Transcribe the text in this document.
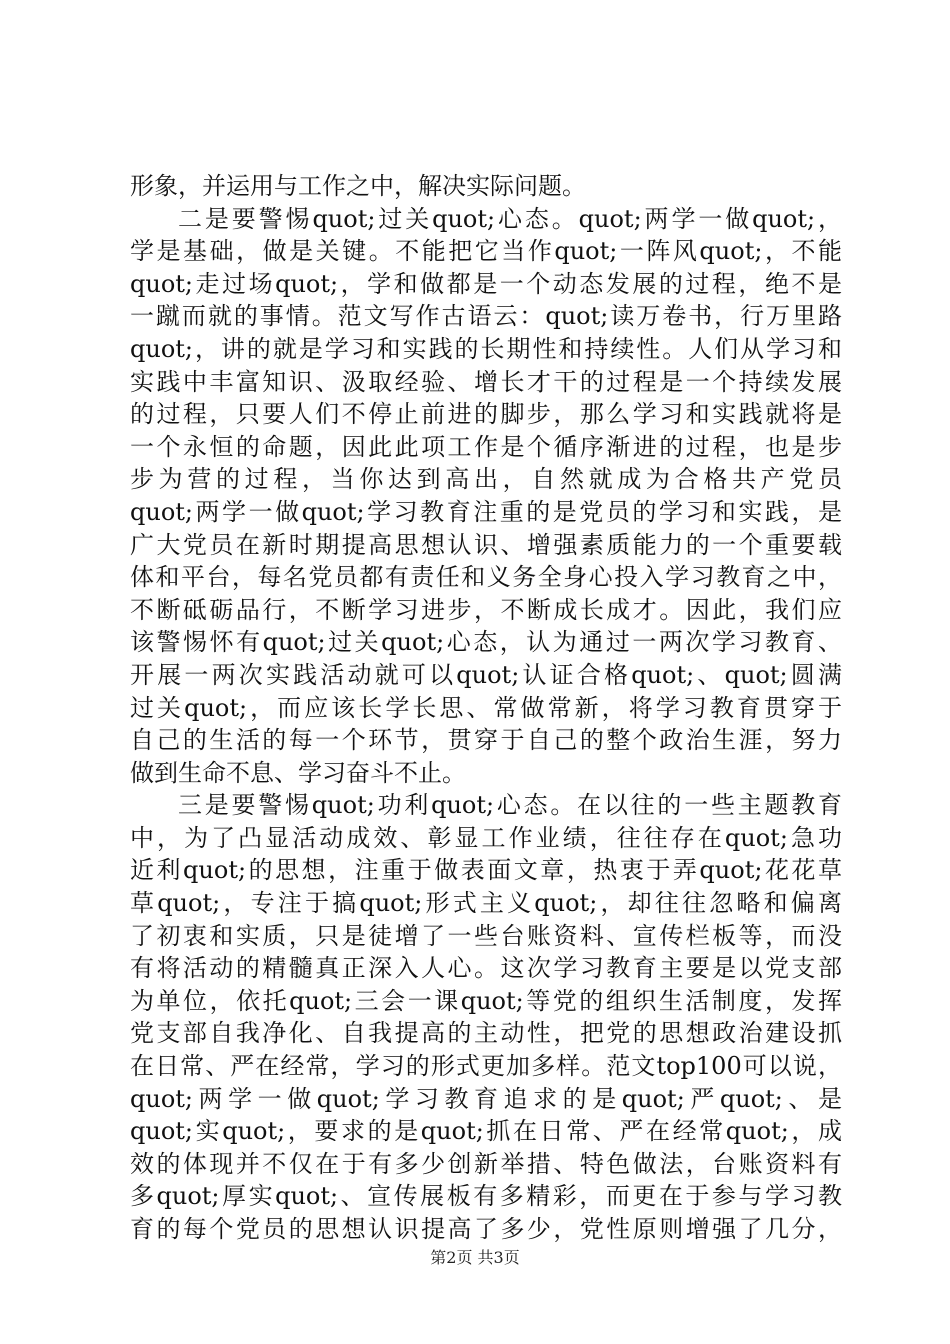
形象，并运用与工作之中，解决实际问题。
二是要警惕quot;过关quot;心态。quot;两学一做quot;，
学是基础，做是关键。不能把它当作quot;一阵风quot;，不能
quot;走过场quot;，学和做都是一个动态发展的过程，绝不是
一蹴而就的事情。范文写作古语云：quot;读万卷书，行万里路
quot;，讲的就是学习和实践的长期性和持续性。人们从学习和
实践中丰富知识、汲取经验、增长才干的过程是一个持续发展
的过程，只要人们不停止前进的脚步，那么学习和实践就将是
一个永恒的命题，因此此项工作是个循序渐进的过程，也是步
步为营的过程，当你达到高出，自然就成为合格共产党员
quot;两学一做quot;学习教育注重的是党员的学习和实践，是
广大党员在新时期提高思想认识、增强素质能力的一个重要载
体和平台，每名党员都有责任和义务全身心投入学习教育之中，
不断砥砺品行，不断学习进步，不断成长成才。因此，我们应
该警惕怀有quot;过关quot;心态，认为通过一两次学习教育、
开展一两次实践活动就可以quot;认证合格quot;、quot;圆满
过关quot;，而应该长学长思、常做常新，将学习教育贯穿于
自己的生活的每一个环节，贯穿于自己的整个政治生涯，努力
做到生命不息、学习奋斗不止。
三是要警惕quot;功利quot;心态。在以往的一些主题教育
中，为了凸显活动成效、彰显工作业绩，往往存在quot;急功
近利quot;的思想，注重于做表面文章，热衷于弄quot;花花草
草quot;，专注于搞quot;形式主义quot;，却往往忽略和偏离
了初衷和实质，只是徒增了一些台账资料、宣传栏板等，而没
有将活动的精髓真正深入人心。这次学习教育主要是以党支部
为单位，依托quot;三会一课quot;等党的组织生活制度，发挥
党支部自我净化、自我提高的主动性，把党的思想政治建设抓
在日常、严在经常，学习的形式更加多样。范文top100可以说，
quot;两学一做quot;学习教育追求的是quot;严quot;、是
quot;实quot;，要求的是quot;抓在日常、严在经常quot;，成
效的体现并不仅在于有多少创新举措、特色做法，台账资料有
多quot;厚实quot;、宣传展板有多精彩，而更在于参与学习教
育的每个党员的思想认识提高了多少，党性原则增强了几分，
第2页 共3页
